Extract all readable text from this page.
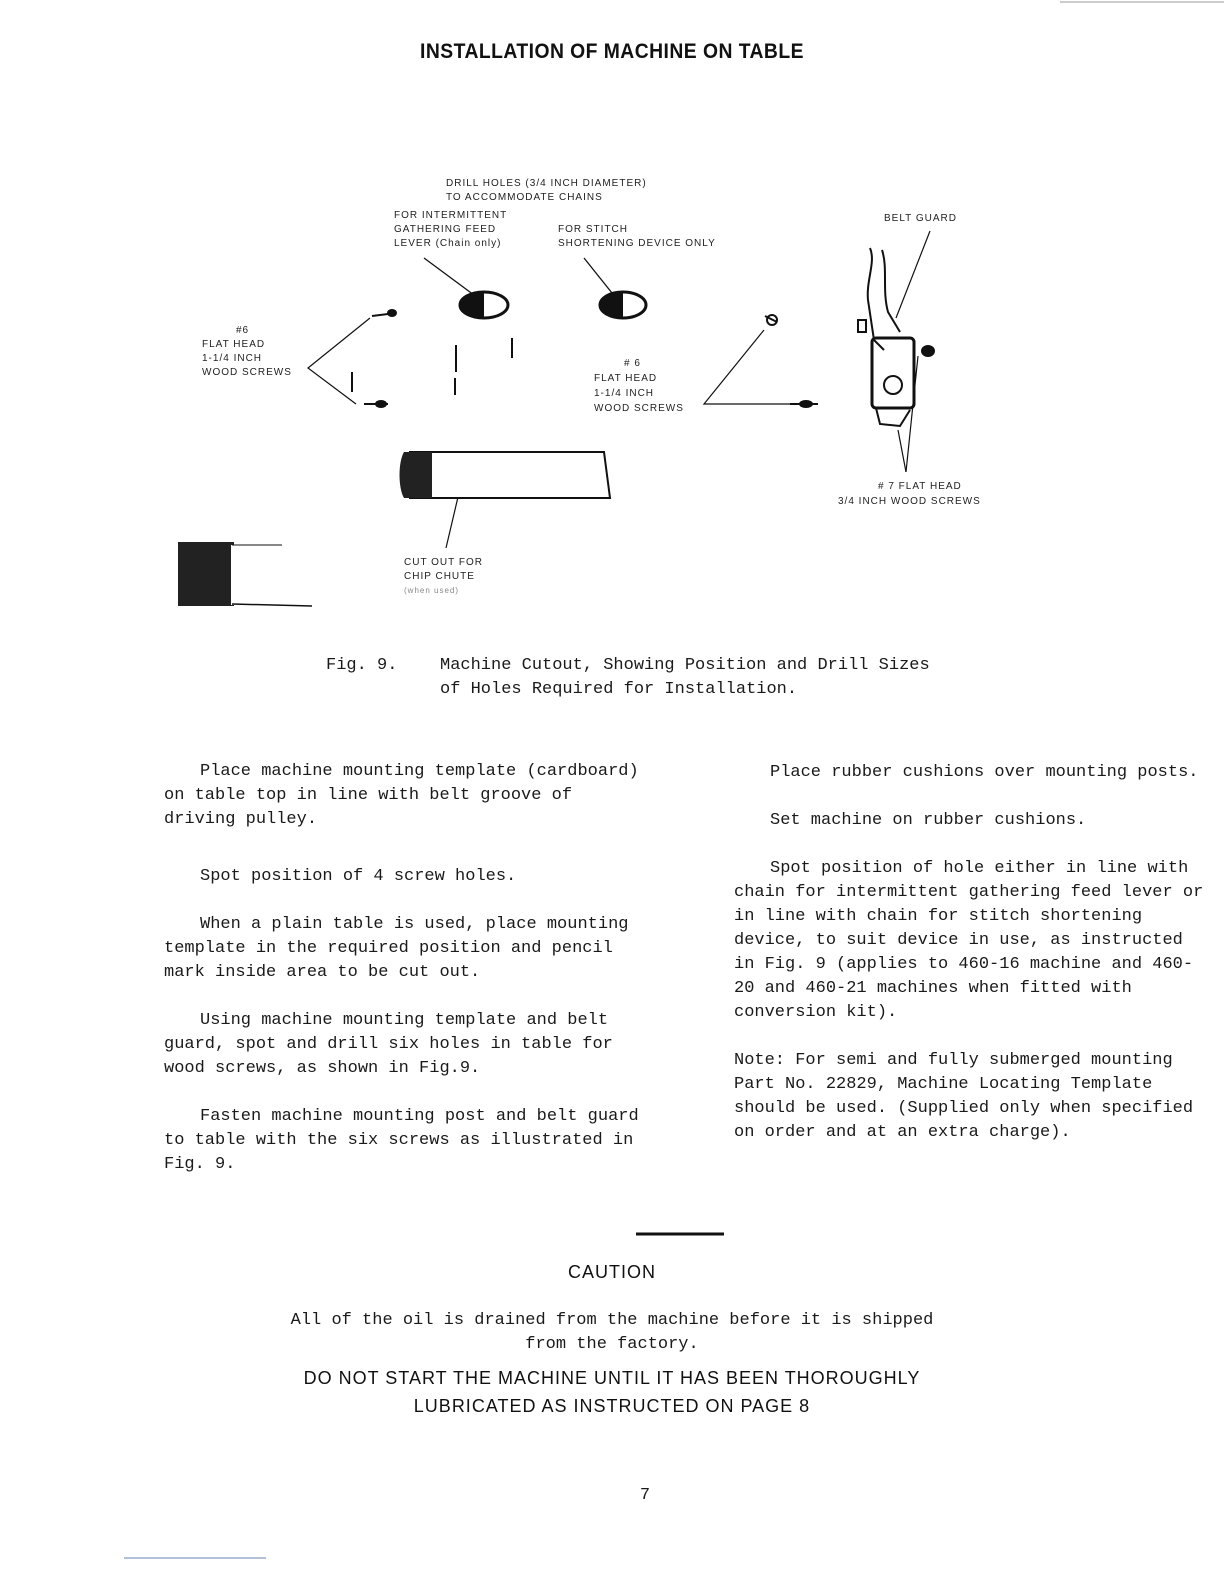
INSTALLATION OF MACHINE ON TABLE
DRILL HOLES (3/4 INCH DIAMETER)
TO ACCOMMODATE CHAINS
FOR INTERMITTENT
GATHERING FEED
LEVER (Chain only)
FOR STITCH
SHORTENING DEVICE ONLY
BELT GUARD
#6
FLAT HEAD
1-1/4 INCH
WOOD SCREWS
# 6
FLAT HEAD
1-1/4 INCH
WOOD SCREWS
# 7 FLAT HEAD
3/4 INCH WOOD SCREWS
CUT OUT FOR
CHIP CHUTE
(when used)
Fig. 9.	Machine Cutout, Showing Position and Drill Sizes
of Holes Required for Installation.

Place machine mounting template (cardboard) on table top in line with belt groove of driving pulley.

Spot position of 4 screw holes.

When a plain table is used, place mounting template in the required position and pencil mark inside area to be cut out.

Using machine mounting template and belt guard, spot and drill six holes in table for wood screws, as shown in Fig.9.

Fasten machine mounting post and belt guard to table with the six screws as illustrated in Fig. 9.

Place rubber cushions over mounting posts.

Set machine on rubber cushions.

Spot position of hole either in line with chain for intermittent gathering feed lever or in line with chain for stitch shortening device, to suit device in use, as instructed in Fig. 9 (applies to 460-16 machine and 460-20 and 460-21 machines when fitted with conversion kit).

Note: For semi and fully submerged mounting Part No. 22829, Machine Locating Template should be used. (Supplied only when specified on order and at an extra charge).

CAUTION
All of the oil is drained from the machine before it is shipped
from the factory.
DO NOT START THE MACHINE UNTIL IT HAS BEEN THOROUGHLY
LUBRICATED AS INSTRUCTED ON PAGE 8
7
